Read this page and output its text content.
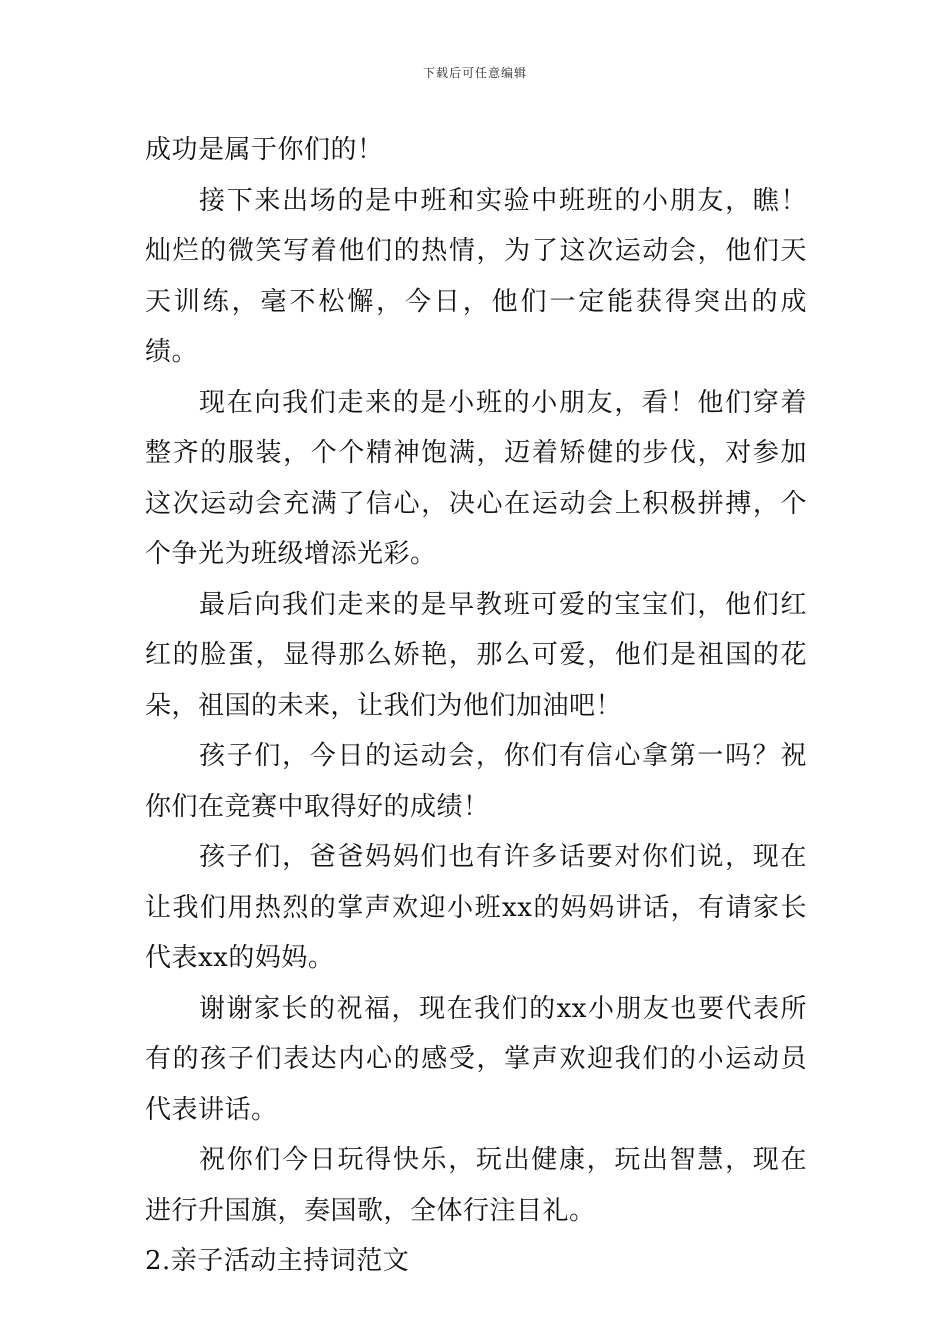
下载后可任意编辑

成功是属于你们的！

接下来出场的是中班和实验中班班的小朋友，瞧！灿烂的微笑写着他们的热情，为了这次运动会，他们天天训练，毫不松懈，今日，他们一定能获得突出的成绩。

现在向我们走来的是小班的小朋友，看！他们穿着整齐的服装，个个精神饱满，迈着矫健的步伐，对参加这次运动会充满了信心，决心在运动会上积极拼搏，个个争光为班级增添光彩。

最后向我们走来的是早教班可爱的宝宝们，他们红红的脸蛋，显得那么娇艳，那么可爱，他们是祖国的花朵，祖国的未来，让我们为他们加油吧！

孩子们，今日的运动会，你们有信心拿第一吗？祝你们在竞赛中取得好的成绩！

孩子们，爸爸妈妈们也有许多话要对你们说，现在让我们用热烈的掌声欢迎小班xx的妈妈讲话，有请家长代表xx的妈妈。

谢谢家长的祝福，现在我们的xx小朋友也要代表所有的孩子们表达内心的感受，掌声欢迎我们的小运动员代表讲话。

祝你们今日玩得快乐，玩出健康，玩出智慧，现在进行升国旗，奏国歌，全体行注目礼。

2.亲子活动主持词范文
